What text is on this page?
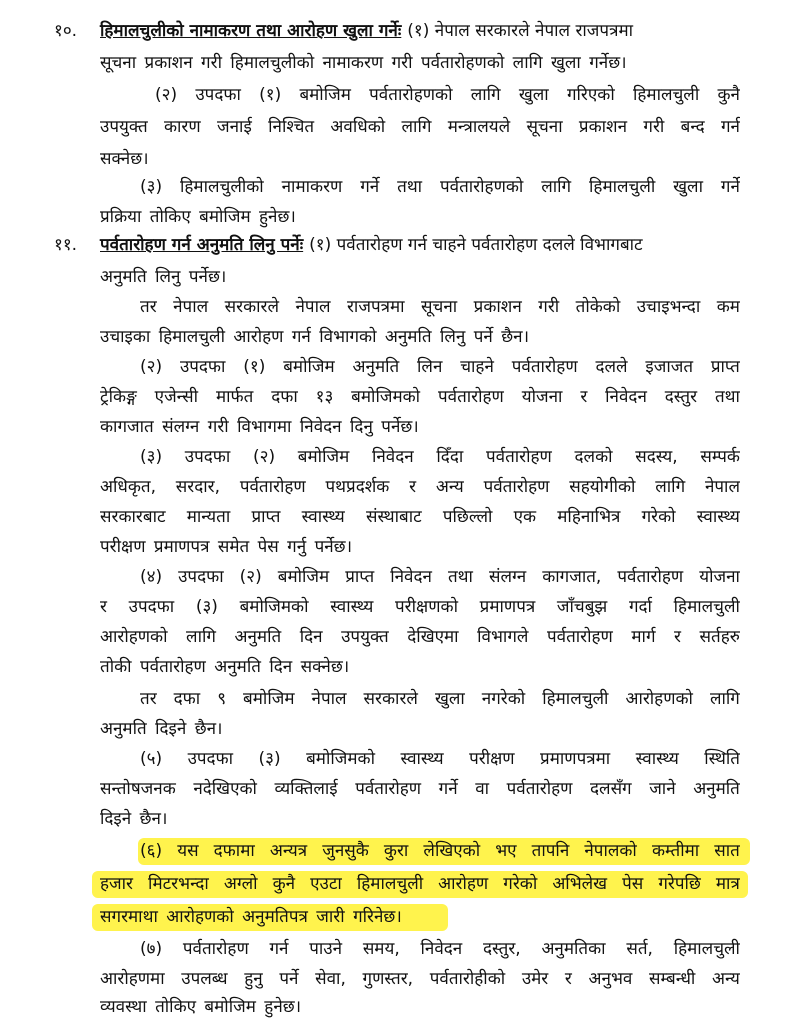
१०.	हिमालचुलीको नामाकरण तथा आरोहण खुला गर्नेः (१) नेपाल सरकारले नेपाल राजपत्रमा
सूचना प्रकाशन गरी हिमालचुलीको नामाकरण गरी पर्वतारोहणको लागि खुला गर्नेछ।
(२) उपदफा (१) बमोजिम पर्वतारोहणको लागि खुला गरिएको हिमालचुली कुनै
उपयुक्त कारण जनाई निश्चित अवधिको लागि मन्त्रालयले सूचना प्रकाशन गरी बन्द गर्न
सक्नेछ।
(३) हिमालचुलीको नामाकरण गर्ने तथा पर्वतारोहणको लागि हिमालचुली खुला गर्ने
प्रक्रिया तोकिए बमोजिम हुनेछ।
११.	पर्वतारोहण गर्न अनुमति लिनु पर्नेः (१) पर्वतारोहण गर्न चाहने पर्वतारोहण दलले विभागबाट
अनुमति लिनु पर्नेछ।
तर नेपाल सरकारले नेपाल राजपत्रमा सूचना प्रकाशन गरी तोकेको उचाइभन्दा कम
उचाइका हिमालचुली आरोहण गर्न विभागको अनुमति लिनु पर्ने छैन।
(२) उपदफा (१) बमोजिम अनुमति लिन चाहने पर्वतारोहण दलले इजाजत प्राप्त
ट्रेकिङ्ग एजेन्सी मार्फत दफा १३ बमोजिमको पर्वतारोहण योजना र निवेदन दस्तुर तथा
कागजात संलग्न गरी विभागमा निवेदन दिनु पर्नेछ।
(३) उपदफा (२) बमोजिम निवेदन दिँदा पर्वतारोहण दलको सदस्य, सम्पर्क
अधिकृत, सरदार, पर्वतारोहण पथप्रदर्शक र अन्य पर्वतारोहण सहयोगीको लागि नेपाल
सरकारबाट मान्यता प्राप्त स्वास्थ्य संस्थाबाट पछिल्लो एक महिनाभित्र गरेको स्वास्थ्य
परीक्षण प्रमाणपत्र समेत पेस गर्नु पर्नेछ।
(४) उपदफा (२) बमोजिम प्राप्त निवेदन तथा संलग्न कागजात, पर्वतारोहण योजना
र उपदफा (३) बमोजिमको स्वास्थ्य परीक्षणको प्रमाणपत्र जाँचबुझ गर्दा हिमालचुली
आरोहणको लागि अनुमति दिन उपयुक्त देखिएमा विभागले पर्वतारोहण मार्ग र सर्तहरु
तोकी पर्वतारोहण अनुमति दिन सक्नेछ।
तर दफा ९ बमोजिम नेपाल सरकारले खुला नगरेको हिमालचुली आरोहणको लागि
अनुमति दिइने छैन।
(५) उपदफा (३) बमोजिमको स्वास्थ्य परीक्षण प्रमाणपत्रमा स्वास्थ्य स्थिति
सन्तोषजनक नदेखिएको व्यक्तिलाई पर्वतारोहण गर्ने वा पर्वतारोहण दलसँग जाने अनुमति
दिइने छैन।
(६) यस दफामा अन्यत्र जुनसुकै कुरा लेखिएको भए तापनि नेपालको कम्तीमा सात
हजार मिटरभन्दा अग्लो कुनै एउटा हिमालचुली आरोहण गरेको अभिलेख पेस गरेपछि मात्र
सगरमाथा आरोहणको अनुमतिपत्र जारी गरिनेछ।
(७) पर्वतारोहण गर्न पाउने समय, निवेदन दस्तुर, अनुमतिका सर्त, हिमालचुली
आरोहणमा उपलब्ध हुनु पर्ने सेवा, गुणस्तर, पर्वतारोहीको उमेर र अनुभव सम्बन्धी अन्य
व्यवस्था तोकिए बमोजिम हुनेछ।
